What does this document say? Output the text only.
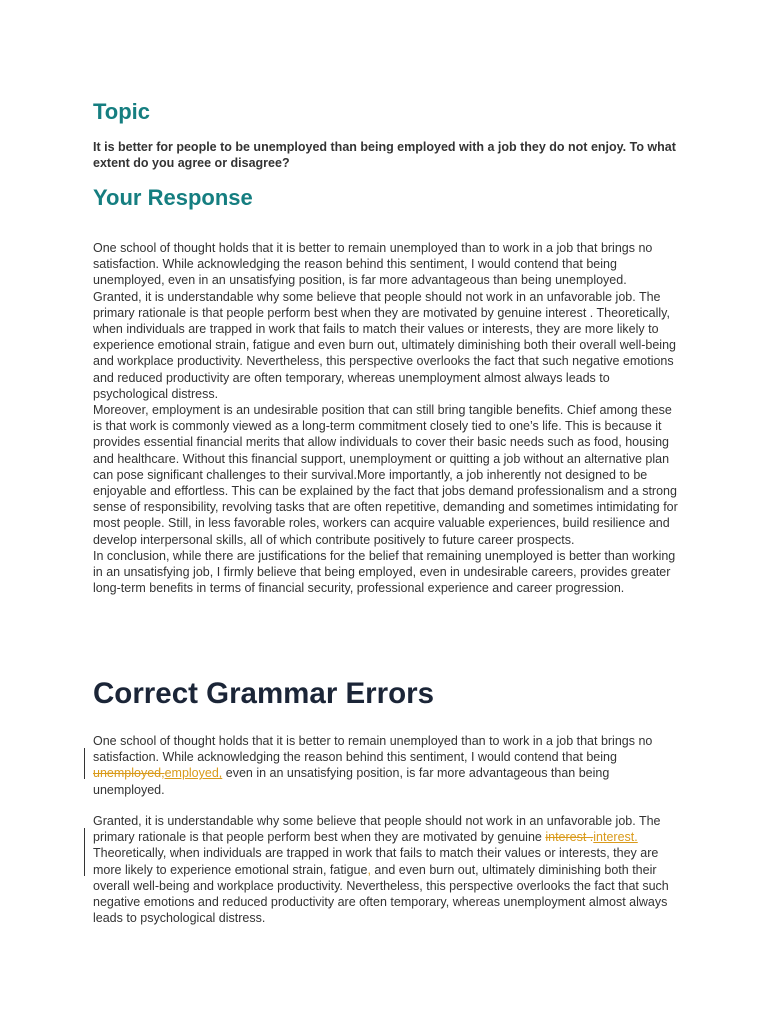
Topic
It is better for people to be unemployed than being employed with a job they do not enjoy. To what extent do you agree or disagree?
Your Response

One school of thought holds that it is better to remain unemployed than to work in a job that brings no satisfaction. While acknowledging the reason behind this sentiment, I would contend that being unemployed, even in an unsatisfying position, is far more advantageous than being unemployed.

Granted, it is understandable why some believe that people should not work in an unfavorable job. The primary rationale is that people perform best when they are motivated by genuine interest . Theoretically, when individuals are trapped in work that fails to match their values or interests, they are more likely to experience emotional strain, fatigue and even burn out, ultimately diminishing both their overall well-being and workplace productivity. Nevertheless, this perspective overlooks the fact that such negative emotions and reduced productivity are often temporary, whereas unemployment almost always leads to psychological distress.

Moreover, employment is an undesirable position that can still bring tangible benefits. Chief among these is that work is commonly viewed as a long-term commitment closely tied to one’s life. This is because it provides essential financial merits that allow individuals to cover their basic needs such as food, housing and healthcare. Without this financial support, unemployment or quitting a job without an alternative plan can pose significant challenges to their survival.More importantly, a job inherently not designed to be enjoyable and effortless. This can be explained by the fact that jobs demand professionalism and a strong sense of responsibility, revolving tasks that are often repetitive, demanding and sometimes intimidating for most people. Still, in less favorable roles, workers can acquire valuable experiences, build resilience and develop interpersonal skills, all of which contribute positively to future career prospects.

In conclusion, while there are justifications for the belief that remaining unemployed is better than working in an unsatisfying job, I firmly believe that being employed, even in undesirable careers, provides greater long-term benefits in terms of financial security, professional experience and career progression.

Correct Grammar Errors

One school of thought holds that it is better to remain unemployed than to work in a job that brings no satisfaction. While acknowledging the reason behind this sentiment, I would contend that being unemployed,employed, even in an unsatisfying position, is far more advantageous than being unemployed.

Granted, it is understandable why some believe that people should not work in an unfavorable job. The primary rationale is that people perform best when they are motivated by genuine interest .interest. Theoretically, when individuals are trapped in work that fails to match their values or interests, they are more likely to experience emotional strain, fatigue, and even burn out, ultimately diminishing both their overall well-being and workplace productivity. Nevertheless, this perspective overlooks the fact that such negative emotions and reduced productivity are often temporary, whereas unemployment almost always leads to psychological distress.
